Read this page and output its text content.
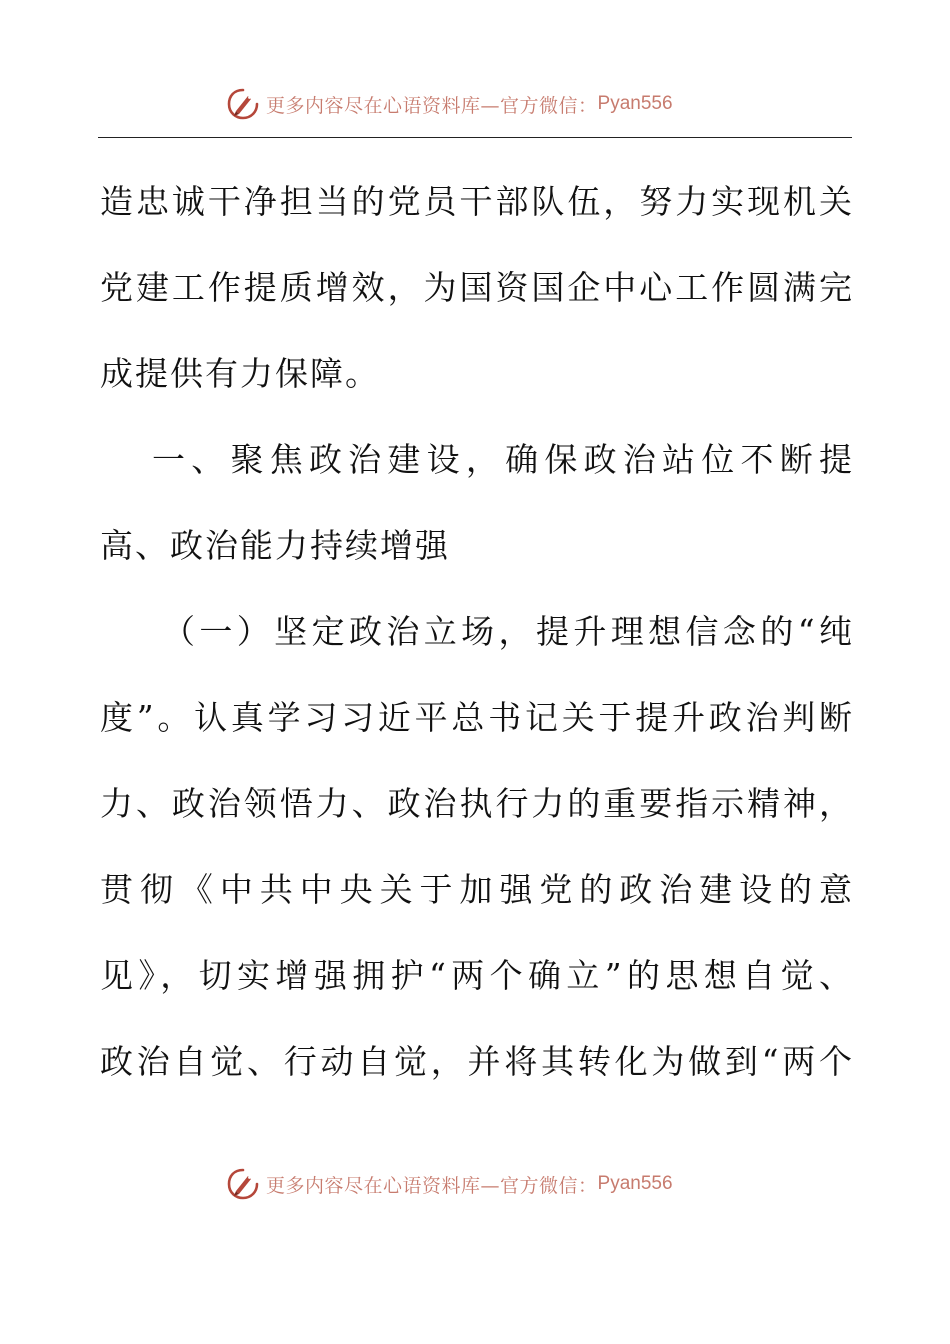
更多内容尽在心语资料库—官方微信： Pyan556
造忠诚干净担当的党员干部队伍，努力实现机关
党建工作提质增效，为国资国企中心工作圆满完
成提供有力保障。
一、聚焦政治建设，确保政治站位不断提
高、政治能力持续增强
（一）坚定政治立场，提升理想信念的“纯
度”。认真学习习近平总书记关于提升政治判断
力、政治领悟力、政治执行力的重要指示精神，
贯彻《中共中央关于加强党的政治建设的意
见》，切实增强拥护“两个确立”的思想自觉、
政治自觉、行动自觉，并将其转化为做到“两个
更多内容尽在心语资料库—官方微信： Pyan556
